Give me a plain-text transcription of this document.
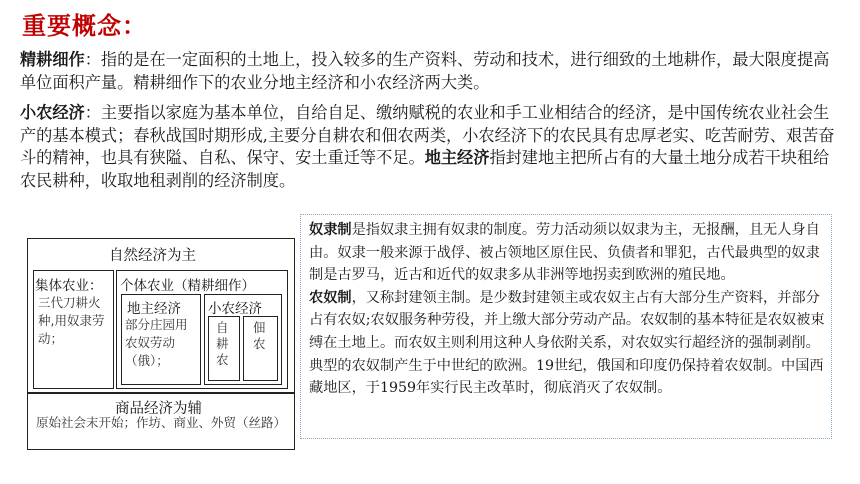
重要概念：
精耕细作：指的是在一定面积的土地上，投入较多的生产资料、劳动和技术，进行细致的土地耕作，最大限度提高单位面积产量。精耕细作下的农业分地主经济和小农经济两大类。
小农经济：主要指以家庭为基本单位，自给自足、缴纳赋税的农业和手工业相结合的经济，是中国传统农业社会生产的基本模式；春秋战国时期形成,主要分自耕农和佃农两类，小农经济下的农民具有忠厚老实、吃苦耐劳、艰苦奋斗的精神，也具有狭隘、自私、保守、安土重迁等不足。地主经济指封建地主把所占有的大量土地分成若干块租给农民耕种，收取地租剥削的经济制度。
自然经济为主
集体农业：
三代刀耕火种,用奴隶劳动；
个体农业（精耕细作）
地主经济
部分庄园用农奴劳动（俄）；
小农经济
自耕农
佃农
商品经济为辅
原始社会末开始；作坊、商业、外贸（丝路）

奴隶制是指奴隶主拥有奴隶的制度。劳力活动须以奴隶为主，无报酬，且无人身自由。奴隶一般来源于战俘、被占领地区原住民、负债者和罪犯，古代最典型的奴隶制是古罗马，近古和近代的奴隶多从非洲等地拐卖到欧洲的殖民地。

农奴制，又称封建领主制。是少数封建领主或农奴主占有大部分生产资料，并部分占有农奴;农奴服务种劳役，并上缴大部分劳动产品。农奴制的基本特征是农奴被束缚在土地上。而农奴主则利用这种人身依附关系，对农奴实行超经济的强制剥削。典型的农奴制产生于中世纪的欧洲。19世纪，俄国和印度仍保持着农奴制。中国西藏地区，于1959年实行民主改革时，彻底消灭了农奴制。
